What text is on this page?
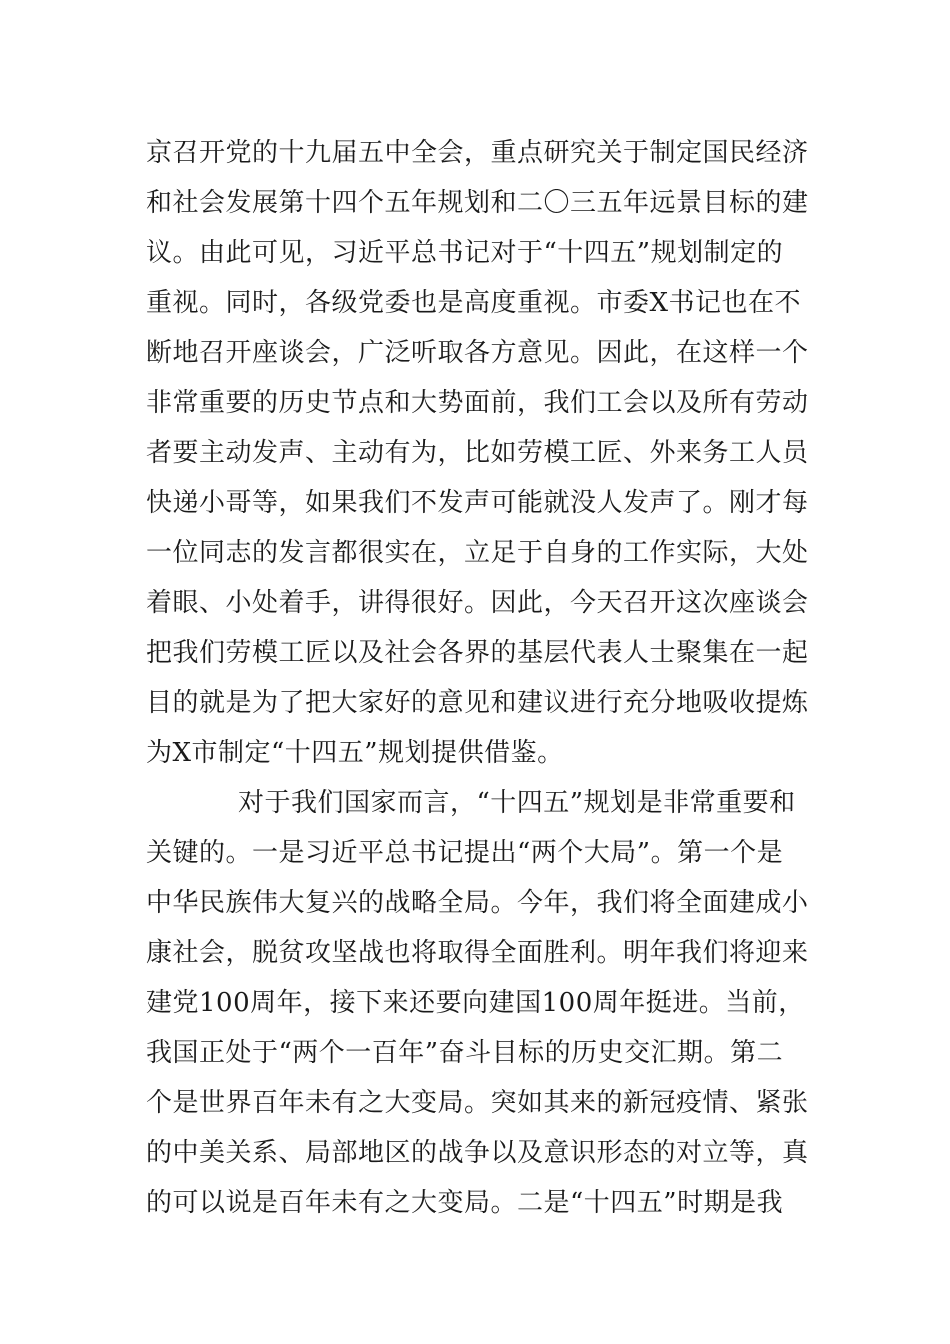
京召开党的十九届五中全会，重点研究关于制定国民经济
和社会发展第十四个五年规划和二〇三五年远景目标的建
议。由此可见，习近平总书记对于“十四五”规划制定的
重视。同时，各级党委也是高度重视。市委X书记也在不
断地召开座谈会，广泛听取各方意见。因此，在这样一个
非常重要的历史节点和大势面前，我们工会以及所有劳动
者要主动发声、主动有为，比如劳模工匠、外来务工人员
快递小哥等，如果我们不发声可能就没人发声了。刚才每
一位同志的发言都很实在，立足于自身的工作实际，大处
着眼、小处着手，讲得很好。因此，今天召开这次座谈会
把我们劳模工匠以及社会各界的基层代表人士聚集在一起
目的就是为了把大家好的意见和建议进行充分地吸收提炼
为X市制定“十四五”规划提供借鉴。
对于我们国家而言，“十四五”规划是非常重要和
关键的。一是习近平总书记提出“两个大局”。第一个是
中华民族伟大复兴的战略全局。今年，我们将全面建成小
康社会，脱贫攻坚战也将取得全面胜利。明年我们将迎来
建党100周年，接下来还要向建国100周年挺进。当前，
我国正处于“两个一百年”奋斗目标的历史交汇期。第二
个是世界百年未有之大变局。突如其来的新冠疫情、紧张
的中美关系、局部地区的战争以及意识形态的对立等，真
的可以说是百年未有之大变局。二是“十四五”时期是我
